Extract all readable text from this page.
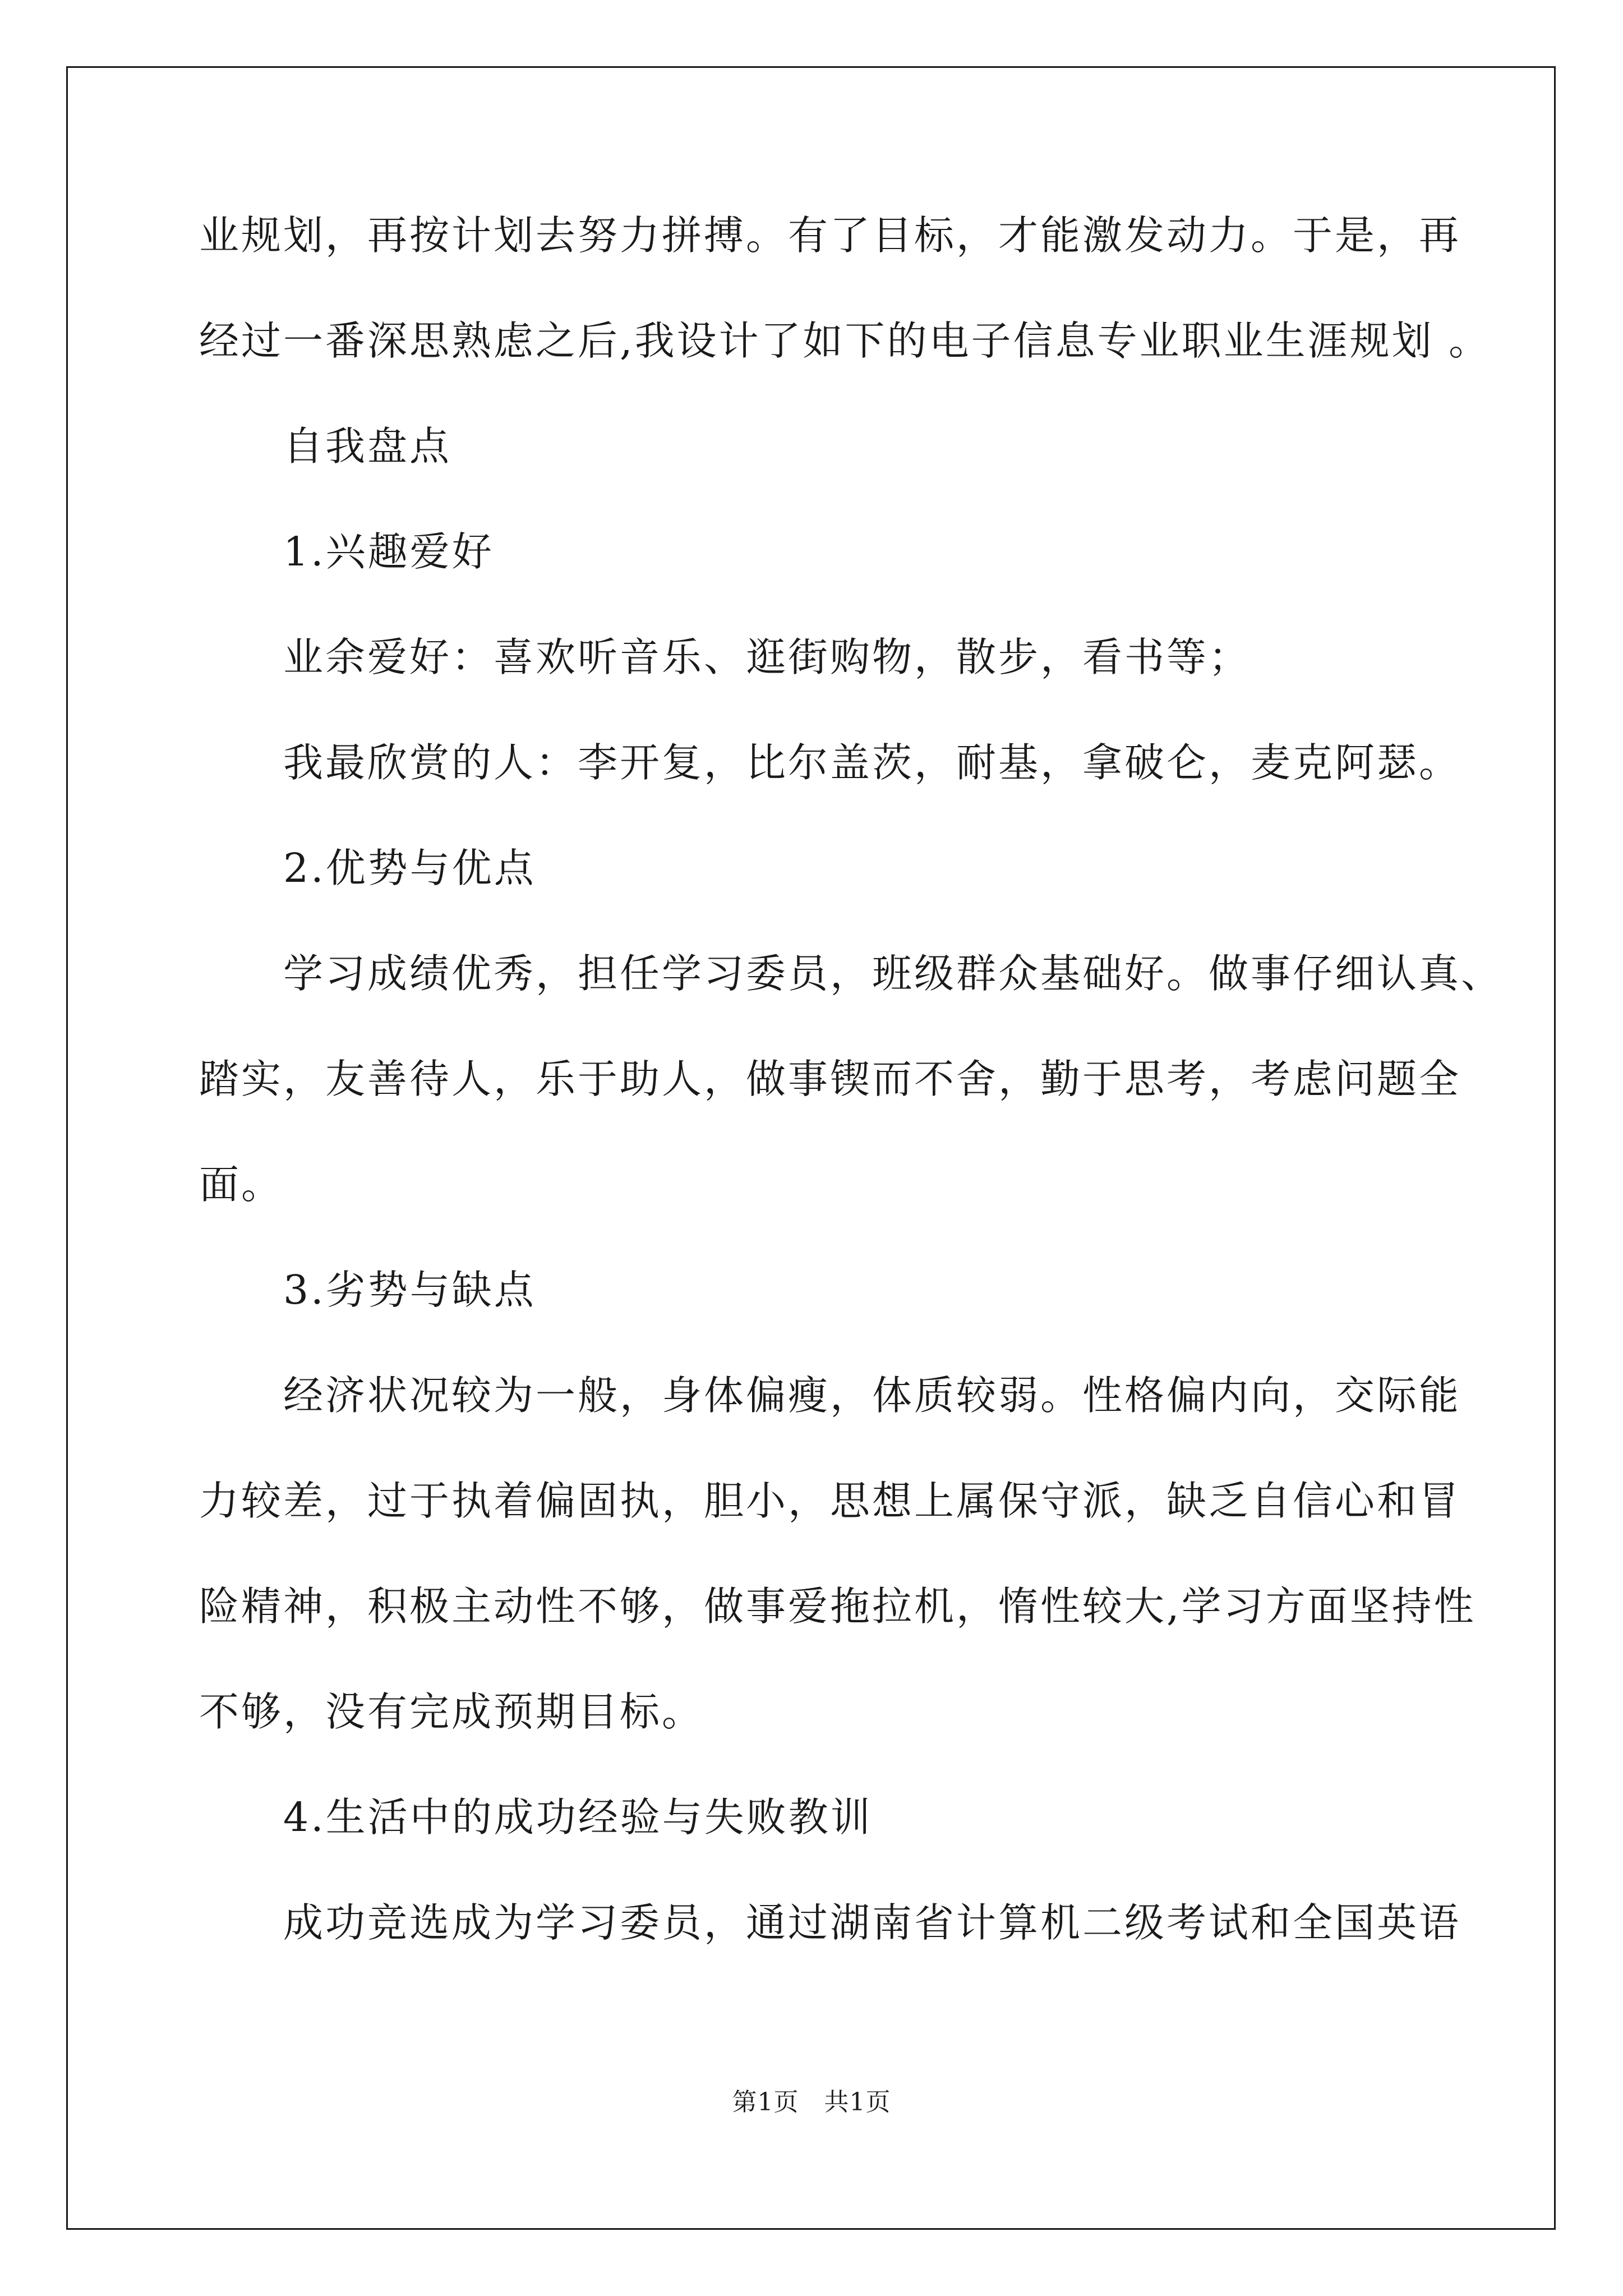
业规划，再按计划去努力拼搏。有了目标，才能激发动力。于是，再
经过一番深思熟虑之后,我设计了如下的电子信息专业职业生涯规划 。
自我盘点
1.兴趣爱好
业余爱好：喜欢听音乐、逛街购物，散步，看书等；
我最欣赏的人：李开复，比尔盖茨，耐基，拿破仑，麦克阿瑟。
2.优势与优点
学习成绩优秀，担任学习委员，班级群众基础好。做事仔细认真、
踏实，友善待人，乐于助人，做事锲而不舍，勤于思考，考虑问题全
面。
3.劣势与缺点
经济状况较为一般，身体偏瘦，体质较弱。性格偏内向，交际能
力较差，过于执着偏固执，胆小，思想上属保守派，缺乏自信心和冒
险精神，积极主动性不够，做事爱拖拉机，惰性较大,学习方面坚持性
不够，没有完成预期目标。
4.生活中的成功经验与失败教训
成功竞选成为学习委员，通过湖南省计算机二级考试和全国英语
第1页　共1页
